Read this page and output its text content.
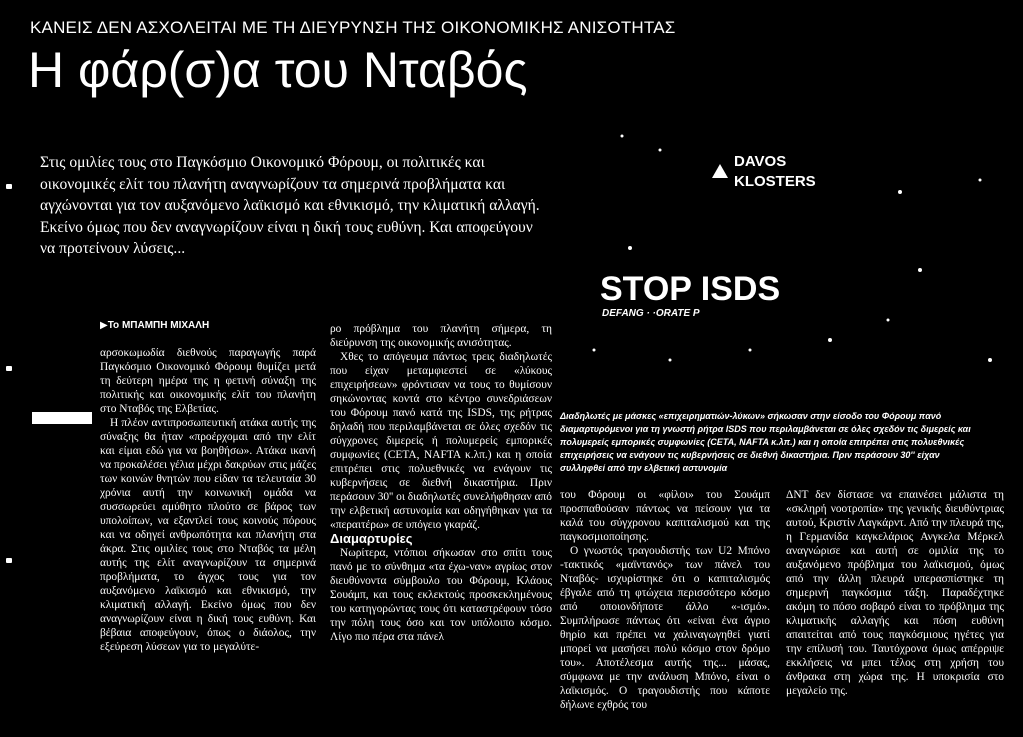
ΚΑΝΕΙΣ ΔΕΝ ΑΣΧΟΛΕΙΤΑΙ ΜΕ ΤΗ ΔΙΕΥΡΥΝΣΗ ΤΗΣ ΟΙΚΟΝΟΜΙΚΗΣ ΑΝΙΣΟΤΗΤΑΣ
Η φάρ(σ)α του Νταβός
Στις ομιλίες τους στο Παγκόσμιο Οικονομικό Φόρουμ, οι πολιτικές και οικονομικές ελίτ του πλανήτη αναγνωρίζουν τα σημερινά προβλήματα και αγχώνονται για τον αυξανόμενο λαϊκισμό και εθνικισμό, την κλιματική αλλαγή. Εκείνο όμως που δεν αναγνωρίζουν είναι η δική τους ευθύνη. Και αποφεύγουν να προτείνουν λύσεις...
DAVOS
KLOSTERS
STOP ISDS
DEFANG · ·ORATE P
Διαδηλωτές με μάσκες «επιχειρηματιών-λύκων» σήκωσαν στην είσοδο του Φόρουμ πανό διαμαρτυρόμενοι για τη γνωστή ρήτρα ISDS που περιλαμβάνεται σε όλες σχεδόν τις διμερείς και πολυμερείς εμπορικές συμφωνίες (CETA, NAFTA κ.λπ.) και η οποία επιτρέπει στις πολυεθνικές επιχειρήσεις να ενάγουν τις κυβερνήσεις σε διεθνή δικαστήρια. Πριν περάσουν 30'' είχαν συλληφθεί από την ελβετική αστυνομία
▶Το ΜΠΑΜΠΗ ΜΙΧΑΛΗ

αρσοκωμωδία διεθνούς παραγωγής παρά Παγκόσμιο Οικονομικό Φόρουμ θυμίζει μετά τη δεύτερη ημέρα της η φετινή σύναξη της πολιτικής και οικονομικής ελίτ του πλανήτη στο Νταβός της Ελβετίας.

Η πλέον αντιπροσωπευτική ατάκα αυτής της σύναξης θα ήταν «προέρχομαι από την ελίτ και είμαι εδώ για να βοηθήσω». Ατάκα ικανή να προκαλέσει γέλια μέχρι δακρύων στις μάζες των κοινών θνητών που είδαν τα τελευταία 30 χρόνια αυτή την κοινωνική ομάδα να συσσωρεύει αμύθητο πλούτο σε βάρος των υπολοίπων, να εξαντλεί τους κοινούς πόρους και να οδηγεί ανθρωπότητα και πλανήτη στα άκρα. Στις ομιλίες τους στο Νταβός τα μέλη αυτής της ελίτ αναγνωρίζουν τα σημερινά προβλήματα, το άγχος τους για τον αυξανόμενο λαϊκισμό και εθνικισμό, την κλιματική αλλαγή. Εκείνο όμως που δεν αναγνωρίζουν είναι η δική τους ευθύνη. Και βέβαια αποφεύγουν, όπως ο διάολος, την εξεύρεση λύσεων για το μεγαλύτε-

ρο πρόβλημα του πλανήτη σήμερα, τη διεύρυνση της οικονομικής ανισότητας.

Χθες το απόγευμα πάντως τρεις διαδηλωτές που είχαν μεταμφιεστεί σε «λύκους επιχειρήσεων» φρόντισαν να τους το θυμίσουν σηκώνοντας κοντά στο κέντρο συνεδριάσεων του Φόρουμ πανό κατά της ISDS, της ρήτρας δηλαδή που περιλαμβάνεται σε όλες σχεδόν τις σύγχρονες διμερείς ή πολυμερείς εμπορικές συμφωνίες (CETA, NAFTA κ.λπ.) και η οποία επιτρέπει στις πολυεθνικές να ενάγουν τις κυβερνήσεις σε διεθνή δικαστήρια. Πριν περάσουν 30'' οι διαδηλωτές συνελήφθησαν από την ελβετική αστυνομία και οδηγήθηκαν για τα «περαιτέρω» σε υπόγειο γκαράζ.

Διαμαρτυρίες

Νωρίτερα, ντόπιοι σήκωσαν στο σπίτι τους πανό με το σύνθημα «τα έχω-ναν» αγρίως στον διευθύνοντα σύμβουλο του Φόρουμ, Κλάους Σουάμπ, και τους εκλεκτούς προσκεκλημένους του κατηγορώντας τους ότι καταστρέφουν τόσο την πόλη τους όσο και τον υπόλοιπο κόσμο. Λίγο πιο πέρα στα πάνελ

του Φόρουμ οι «φίλοι» του Σουάμπ προσπαθούσαν πάντως να πείσουν για τα καλά του σύγχρονου καπιταλισμού και της παγκοσμιοποίησης.

Ο γνωστός τραγουδιστής των U2 Μπόνο -τακτικός «μαϊντανός» των πάνελ του Νταβός- ισχυρίστηκε ότι ο καπιταλισμός έβγαλε από τη φτώχεια περισσότερο κόσμο από οποιονδήποτε άλλο «-ισμό». Συμπλήρωσε πάντως ότι «είναι ένα άγριο θηρίο και πρέπει να χαλιναγωγηθεί γιατί μπορεί να μασήσει πολύ κόσμο στον δρόμο του». Αποτέλεσμα αυτής της... μάσας, σύμφωνα με την ανάλυση Μπόνο, είναι ο λαϊκισμός. Ο τραγουδιστής που κάποτε δήλωνε εχθρός του

ΔΝΤ δεν δίστασε να επαινέσει μάλιστα τη «σκληρή νοοτροπία» της γενικής διευθύντριας αυτού, Κριστίν Λαγκάρντ. Από την πλευρά της, η Γερμανίδα καγκελάριος Ανγκελα Μέρκελ αναγνώρισε και αυτή σε ομιλία της το αυξανόμενο πρόβλημα του λαϊκισμού, όμως από την άλλη πλευρά υπερασπίστηκε τη σημερινή παγκόσμια τάξη. Παραδέχτηκε ακόμη το πόσο σοβαρό είναι το πρόβλημα της κλιματικής αλλαγής και πόση ευθύνη απαιτείται από τους παγκόσμιους ηγέτες για την επίλυσή του. Ταυτόχρονα όμως απέρριψε εκκλήσεις να μπει τέλος στη χρήση του άνθρακα στη χώρα της. Η υποκρισία στο μεγαλείο της.
